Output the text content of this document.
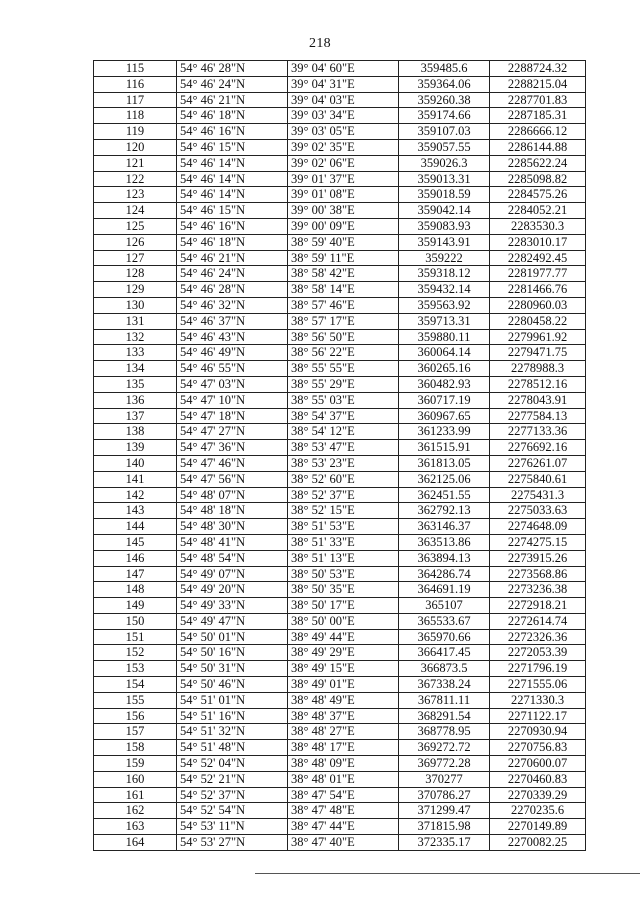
218
115	54° 46' 28"N	39° 04' 60"E	359485.6	2288724.32
116	54° 46' 24"N	39° 04' 31"E	359364.06	2288215.04
117	54° 46' 21"N	39° 04' 03"E	359260.38	2287701.83
118	54° 46' 18"N	39° 03' 34"E	359174.66	2287185.31
119	54° 46' 16"N	39° 03' 05"E	359107.03	2286666.12
120	54° 46' 15"N	39° 02' 35"E	359057.55	2286144.88
121	54° 46' 14"N	39° 02' 06"E	359026.3	2285622.24
122	54° 46' 14"N	39° 01' 37"E	359013.31	2285098.82
123	54° 46' 14"N	39° 01' 08"E	359018.59	2284575.26
124	54° 46' 15"N	39° 00' 38"E	359042.14	2284052.21
125	54° 46' 16"N	39° 00' 09"E	359083.93	2283530.3
126	54° 46' 18"N	38° 59' 40"E	359143.91	2283010.17
127	54° 46' 21"N	38° 59' 11"E	359222	2282492.45
128	54° 46' 24"N	38° 58' 42"E	359318.12	2281977.77
129	54° 46' 28"N	38° 58' 14"E	359432.14	2281466.76
130	54° 46' 32"N	38° 57' 46"E	359563.92	2280960.03
131	54° 46' 37"N	38° 57' 17"E	359713.31	2280458.22
132	54° 46' 43"N	38° 56' 50"E	359880.11	2279961.92
133	54° 46' 49"N	38° 56' 22"E	360064.14	2279471.75
134	54° 46' 55"N	38° 55' 55"E	360265.16	2278988.3
135	54° 47' 03"N	38° 55' 29"E	360482.93	2278512.16
136	54° 47' 10"N	38° 55' 03"E	360717.19	2278043.91
137	54° 47' 18"N	38° 54' 37"E	360967.65	2277584.13
138	54° 47' 27"N	38° 54' 12"E	361233.99	2277133.36
139	54° 47' 36"N	38° 53' 47"E	361515.91	2276692.16
140	54° 47' 46"N	38° 53' 23"E	361813.05	2276261.07
141	54° 47' 56"N	38° 52' 60"E	362125.06	2275840.61
142	54° 48' 07"N	38° 52' 37"E	362451.55	2275431.3
143	54° 48' 18"N	38° 52' 15"E	362792.13	2275033.63
144	54° 48' 30"N	38° 51' 53"E	363146.37	2274648.09
145	54° 48' 41"N	38° 51' 33"E	363513.86	2274275.15
146	54° 48' 54"N	38° 51' 13"E	363894.13	2273915.26
147	54° 49' 07"N	38° 50' 53"E	364286.74	2273568.86
148	54° 49' 20"N	38° 50' 35"E	364691.19	2273236.38
149	54° 49' 33"N	38° 50' 17"E	365107	2272918.21
150	54° 49' 47"N	38° 50' 00"E	365533.67	2272614.74
151	54° 50' 01"N	38° 49' 44"E	365970.66	2272326.36
152	54° 50' 16"N	38° 49' 29"E	366417.45	2272053.39
153	54° 50' 31"N	38° 49' 15"E	366873.5	2271796.19
154	54° 50' 46"N	38° 49' 01"E	367338.24	2271555.06
155	54° 51' 01"N	38° 48' 49"E	367811.11	2271330.3
156	54° 51' 16"N	38° 48' 37"E	368291.54	2271122.17
157	54° 51' 32"N	38° 48' 27"E	368778.95	2270930.94
158	54° 51' 48"N	38° 48' 17"E	369272.72	2270756.83
159	54° 52' 04"N	38° 48' 09"E	369772.28	2270600.07
160	54° 52' 21"N	38° 48' 01"E	370277	2270460.83
161	54° 52' 37"N	38° 47' 54"E	370786.27	2270339.29
162	54° 52' 54"N	38° 47' 48"E	371299.47	2270235.6
163	54° 53' 11"N	38° 47' 44"E	371815.98	2270149.89
164	54° 53' 27"N	38° 47' 40"E	372335.17	2270082.25
